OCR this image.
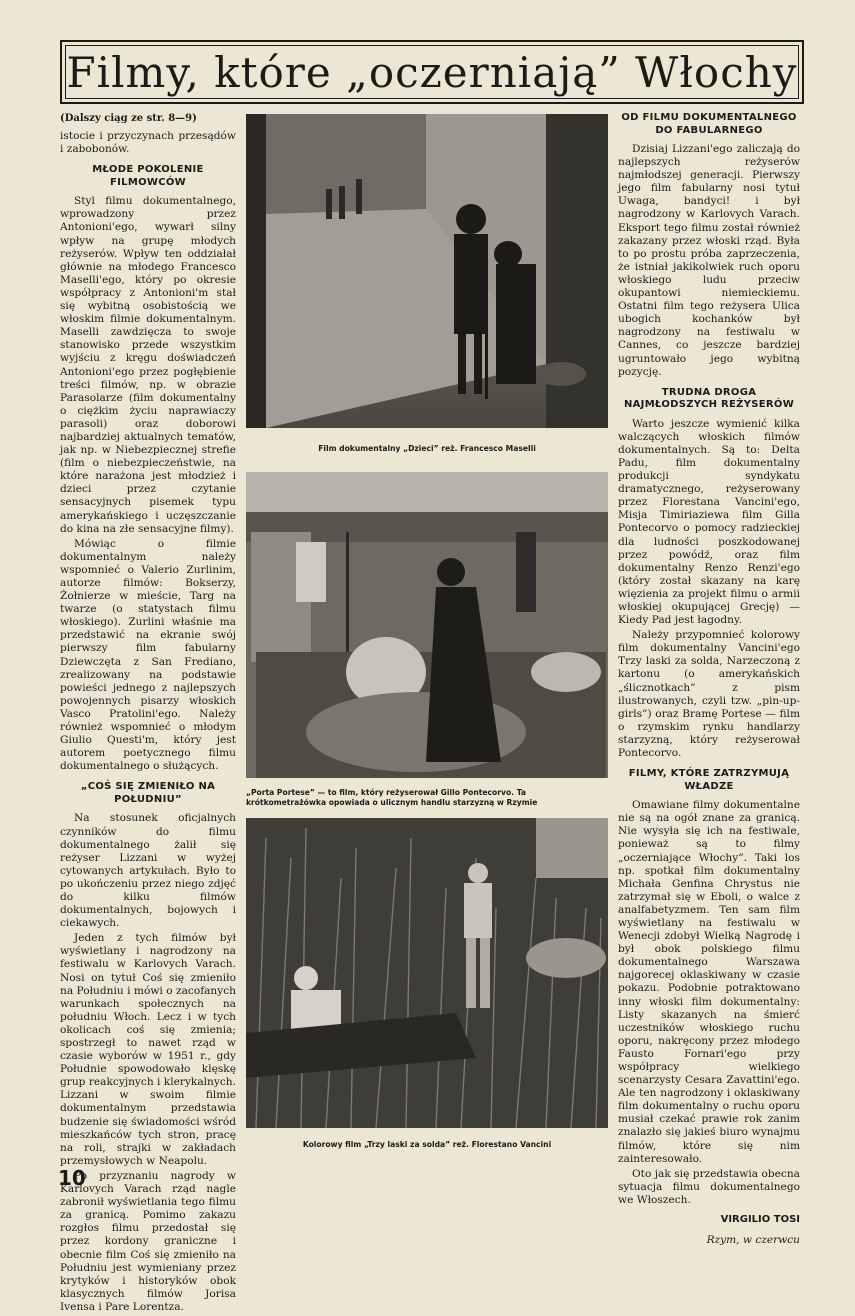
Filmy, które „oczerniają” Włochy
(Dalszy ciąg ze str. 8—9)

istocie i przyczynach przesądów i zabobonów.

MŁODE POKOLENIE FILMOWCÓW

Styl filmu dokumentalnego, wprowadzony przez Antonioni'ego, wywarł silny wpływ na grupę młodych reżyserów. Wpływ ten oddziałał głównie na młodego Francesco Maselli'ego, który po okresie współpracy z Antonioni'm stał się wybitną osobistością we włoskim filmie dokumentalnym. Maselli zawdzięcza to swoje stanowisko przede wszystkim wyjściu z kręgu doświadczeń Antonioni'ego przez pogłębienie treści filmów, np. w obrazie Parasolarze (film dokumentalny o ciężkim życiu naprawiaczy parasoli) oraz doborowi najbardziej aktualnych tematów, jak np. w Niebezpiecznej strefie (film o niebezpieczeństwie, na które narażona jest młodzież i dzieci przez czytanie sensacyjnych pisemek typu amerykańskiego i uczęszczanie do kina na złe sensacyjne filmy).

Mówiąc o filmie dokumentalnym należy wspomnieć o Valerio Zurlinim, autorze filmów: Bokserzy, Żołnierze w mieście, Targ na twarze (o statystach filmu włoskiego). Zurlini właśnie ma przedstawić na ekranie swój pierwszy film fabularny Dziewczęta z San Frediano, zrealizowany na podstawie powieści jednego z najlepszych powojennych pisarzy włoskich Vasco Pratolini'ego. Należy również wspomnieć o młodym Giulio Questi'm, który jest autorem poetycznego filmu dokumentalnego o służących.

„COŚ SIĘ ZMIENIŁO NA POŁUDNIU”

Na stosunek oficjalnych czynników do filmu dokumentalnego żalił się reżyser Lizzani w wyżej cytowanych artykułach. Było to po ukończeniu przez niego zdjęć do kilku filmów dokumentalnych, bojowych i ciekawych.

Jeden z tych filmów był wyświetlany i nagrodzony na festiwalu w Karlovych Varach. Nosi on tytuł Coś się zmieniło na Południu i mówi o zacofanych warunkach społecznych na południu Włoch. Lecz i w tych okolicach coś się zmienia; spostrzegł to nawet rząd w czasie wyborów w 1951 r., gdy Południe spowodowało klęskę grup reakcyjnych i klerykalnych. Lizzani w swoim filmie dokumentalnym przedstawia budzenie się świadomości wśród mieszkańców tych stron, pracę na roli, strajki w zakładach przemysłowych w Neapolu.

Po przyznaniu nagrody w Karlovych Varach rząd nagle zabronił wyświetlania tego filmu za granicą. Pomimo zakazu rozgłos filmu przedostał się przez kordony graniczne i obecnie film Coś się zmieniło na Południu jest wymieniany przez krytyków i historyków obok klasycznych filmów Jorisa Ivensa i Pare Lorentza.

Film dokumentalny „Dzieci” reż. Francesco Maselli
„Porta Portese” — to film, który reżyserował Gillo Pontecorvo. Ta krótkometrażówka opowiada o ulicznym handlu starzyzną w Rzymie
Kolorowy film „Trzy laski za solda” reż. Florestano Vancini
OD FILMU DOKUMENTALNEGO DO FABULARNEGO

Dzisiaj Lizzani'ego zaliczają do najlepszych reżyserów najmłodszej generacji. Pierwszy jego film fabularny nosi tytuł Uwaga, bandyci! i był nagrodzony w Karlovych Varach. Eksport tego filmu został również zakazany przez włoski rząd. Była to po prostu próba zaprzeczenia, że istniał jakikolwiek ruch oporu włoskiego ludu przeciw okupantowi niemieckiemu. Ostatni film tego reżysera Ulica ubogich kochanków był nagrodzony na festiwalu w Cannes, co jeszcze bardziej ugruntowało jego wybitną pozycję.

TRUDNA DROGA NAJMŁODSZYCH REŻYSERÓW

Warto jeszcze wymienić kilka walczących włoskich filmów dokumentalnych. Są to: Delta Padu, film dokumentalny produkcji syndykatu dramatycznego, reżyserowany przez Florestana Vancini'ego, Misja Timiriaziewa film Gilla Pontecorvo o pomocy radzieckiej dla ludności poszkodowanej przez powódź, oraz film dokumentalny Renzo Renzi'ego (który został skazany na karę więzienia za projekt filmu o armii włoskiej okupującej Grecję) — Kiedy Pad jest łagodny.

Należy przypomnieć kolorowy film dokumentalny Vancini'ego Trzy laski za solda, Narzeczoną z kartonu (o amerykańskich „ślicznotkach” z pism ilustrowanych, czyli tzw. „pin-up-girls”) oraz Bramę Portese — film o rzymskim rynku handlarzy starzyzną, który reżyserował Pontecorvo.

FILMY, KTÓRE ZATRZYMUJĄ WŁADZE

Omawiane filmy dokumentalne nie są na ogół znane za granicą. Nie wysyła się ich na festiwale, ponieważ są to filmy „oczerniające Włochy”. Taki los np. spotkał film dokumentalny Michała Genfina Chrystus nie zatrzymał się w Eboli, o walce z analfabetyzmem. Ten sam film wyświetlany na festiwalu w Wenecji zdobył Wielką Nagrodę i był obok polskiego filmu dokumentalnego Warszawa najgorecej oklaskiwany w czasie pokazu. Podobnie potraktowano inny włoski film dokumentalny: Listy skazanych na śmierć uczestników włoskiego ruchu oporu, nakręcony przez młodego Fausto Fornari'ego przy współpracy wielkiego scenarzysty Cesara Zavattini'ego. Ale ten nagrodzony i oklaskiwany film dokumentalny o ruchu oporu musiał czekać prawie rok zanim znalazło się jakieś biuro wynajmu filmów, które się nim zainteresowało.

Oto jak się przedstawia obecna sytuacja filmu dokumentalnego we Włoszech.

VIRGILIO TOSI
Rzym, w czerwcu
10
